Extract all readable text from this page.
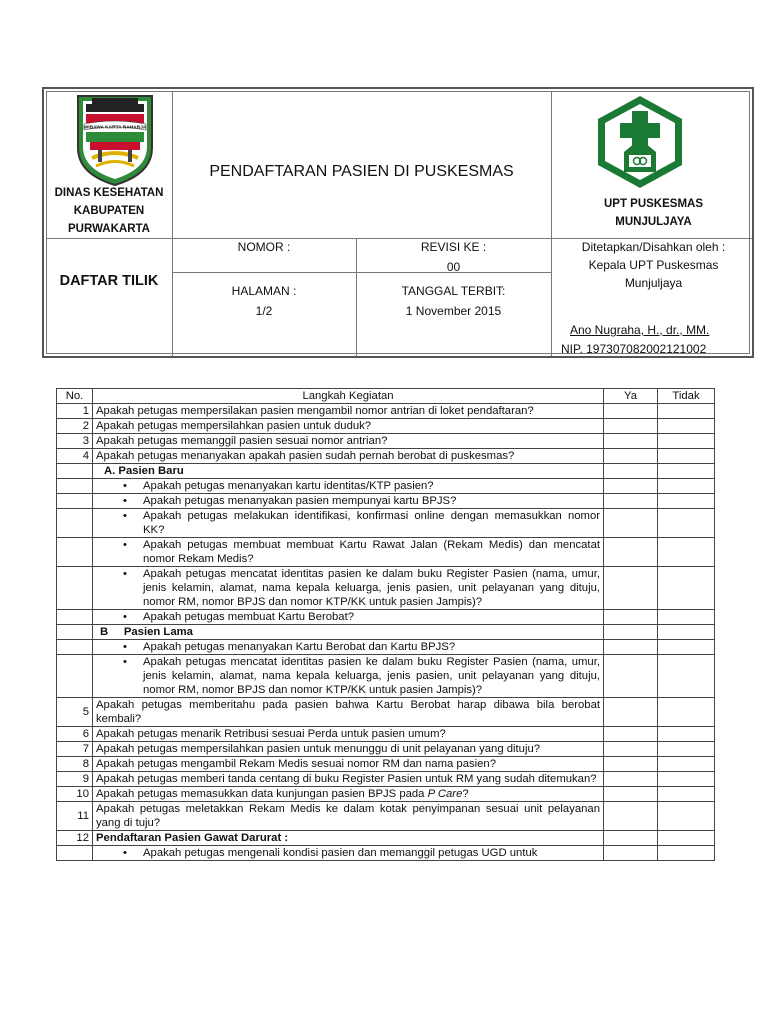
WIBAWA KARTA RAHARJA
DINAS KESEHATAN
KABUPATEN
PURWAKARTA
PENDAFTARAN PASIEN DI PUSKESMAS
UPT PUSKESMAS
MUNJULJAYA
DAFTAR TILIK
NOMOR :	REVISI KE :
00
HALAMAN :
1/2
TANGGAL TERBIT:
1 November 2015
Ditetapkan/Disahkan oleh :
Kepala UPT Puskesmas
Munjuljaya
Ano Nugraha, H., dr., MM.
NIP. 197307082002121002
No.	Langkah Kegiatan	Ya	Tidak
1	Apakah petugas mempersilakan pasien mengambil nomor antrian di loket pendaftaran?		

2	Apakah petugas mempersilahkan pasien untuk duduk?		

3	Apakah petugas memanggil pasien sesuai nomor antrian?		

4	Apakah petugas menanyakan apakah pasien sudah pernah berobat di puskesmas?		

	A. Pasien Baru		

	• Apakah petugas menanyakan kartu identitas/KTP pasien?

	• Apakah petugas menanyakan pasien mempunyai kartu BPJS?

	• Apakah petugas melakukan identifikasi, konfirmasi online dengan memasukkan nomor KK?

	• Apakah petugas membuat membuat Kartu Rawat Jalan (Rekam Medis) dan mencatat nomor Rekam Medis?

	• Apakah petugas mencatat identitas pasien ke dalam buku Register Pasien (nama, umur, jenis kelamin, alamat, nama kepala keluarga, jenis pasien, unit pelayanan yang dituju, nomor RM, nomor BPJS dan nomor KTP/KK untuk pasien Jampis)?

	• Apakah petugas membuat Kartu Berobat?

	B     Pasien Lama		

	• Apakah petugas menanyakan Kartu Berobat dan Kartu BPJS?

	• Apakah petugas mencatat identitas pasien ke dalam buku Register Pasien (nama, umur, jenis kelamin, alamat, nama kepala keluarga, jenis pasien, unit pelayanan yang dituju, nomor RM, nomor BPJS dan nomor KTP/KK untuk pasien Jampis)?

5	Apakah petugas memberitahu pada pasien bahwa Kartu Berobat harap dibawa bila berobat kembali?		

6	Apakah petugas menarik Retribusi sesuai Perda untuk pasien umum?		

7	Apakah petugas mempersilahkan pasien untuk menunggu di unit pelayanan yang dituju?		

8	Apakah petugas mengambil Rekam Medis sesuai nomor RM dan nama pasien?		

9	Apakah petugas memberi tanda centang di buku Register Pasien untuk RM yang sudah ditemukan?		

10	Apakah petugas memasukkan data kunjungan pasien BPJS pada P Care?		

11	Apakah petugas meletakkan Rekam Medis ke dalam kotak penyimpanan sesuai unit pelayanan yang di tuju?		

12	Pendaftaran Pasien Gawat Darurat :		

	• Apakah petugas mengenali kondisi pasien dan memanggil petugas UGD untuk
